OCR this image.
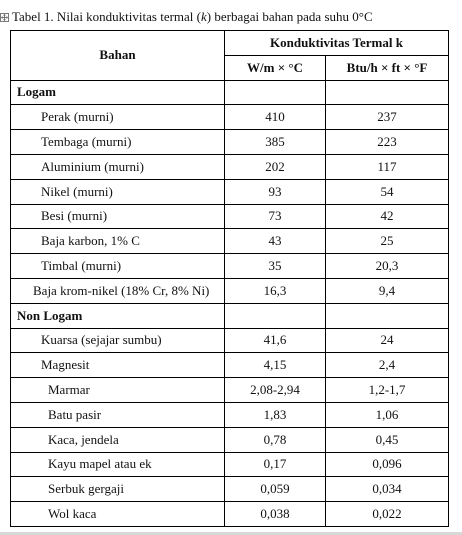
Tabel 1. Nilai konduktivitas termal (k) berbagai bahan pada suhu 0°C
Bahan	Konduktivitas Termal k	
	W/m × °C	Btu/h × ft × °F
Logam		
Perak (murni)	410	237
Tembaga (murni)	385	223
Aluminium (murni)	202	117
Nikel (murni)	93	54
Besi (murni)	73	42
Baja karbon, 1% C	43	25
Timbal (murni)	35	20,3
Baja krom-nikel (18% Cr, 8% Ni)	16,3	9,4
Non Logam		
Kuarsa (sejajar sumbu)	41,6	24
Magnesit	4,15	2,4
Marmar	2,08-2,94	1,2-1,7
Batu pasir	1,83	1,06
Kaca, jendela	0,78	0,45
Kayu mapel atau ek	0,17	0,096
Serbuk gergaji	0,059	0,034
Wol kaca	0,038	0,022
